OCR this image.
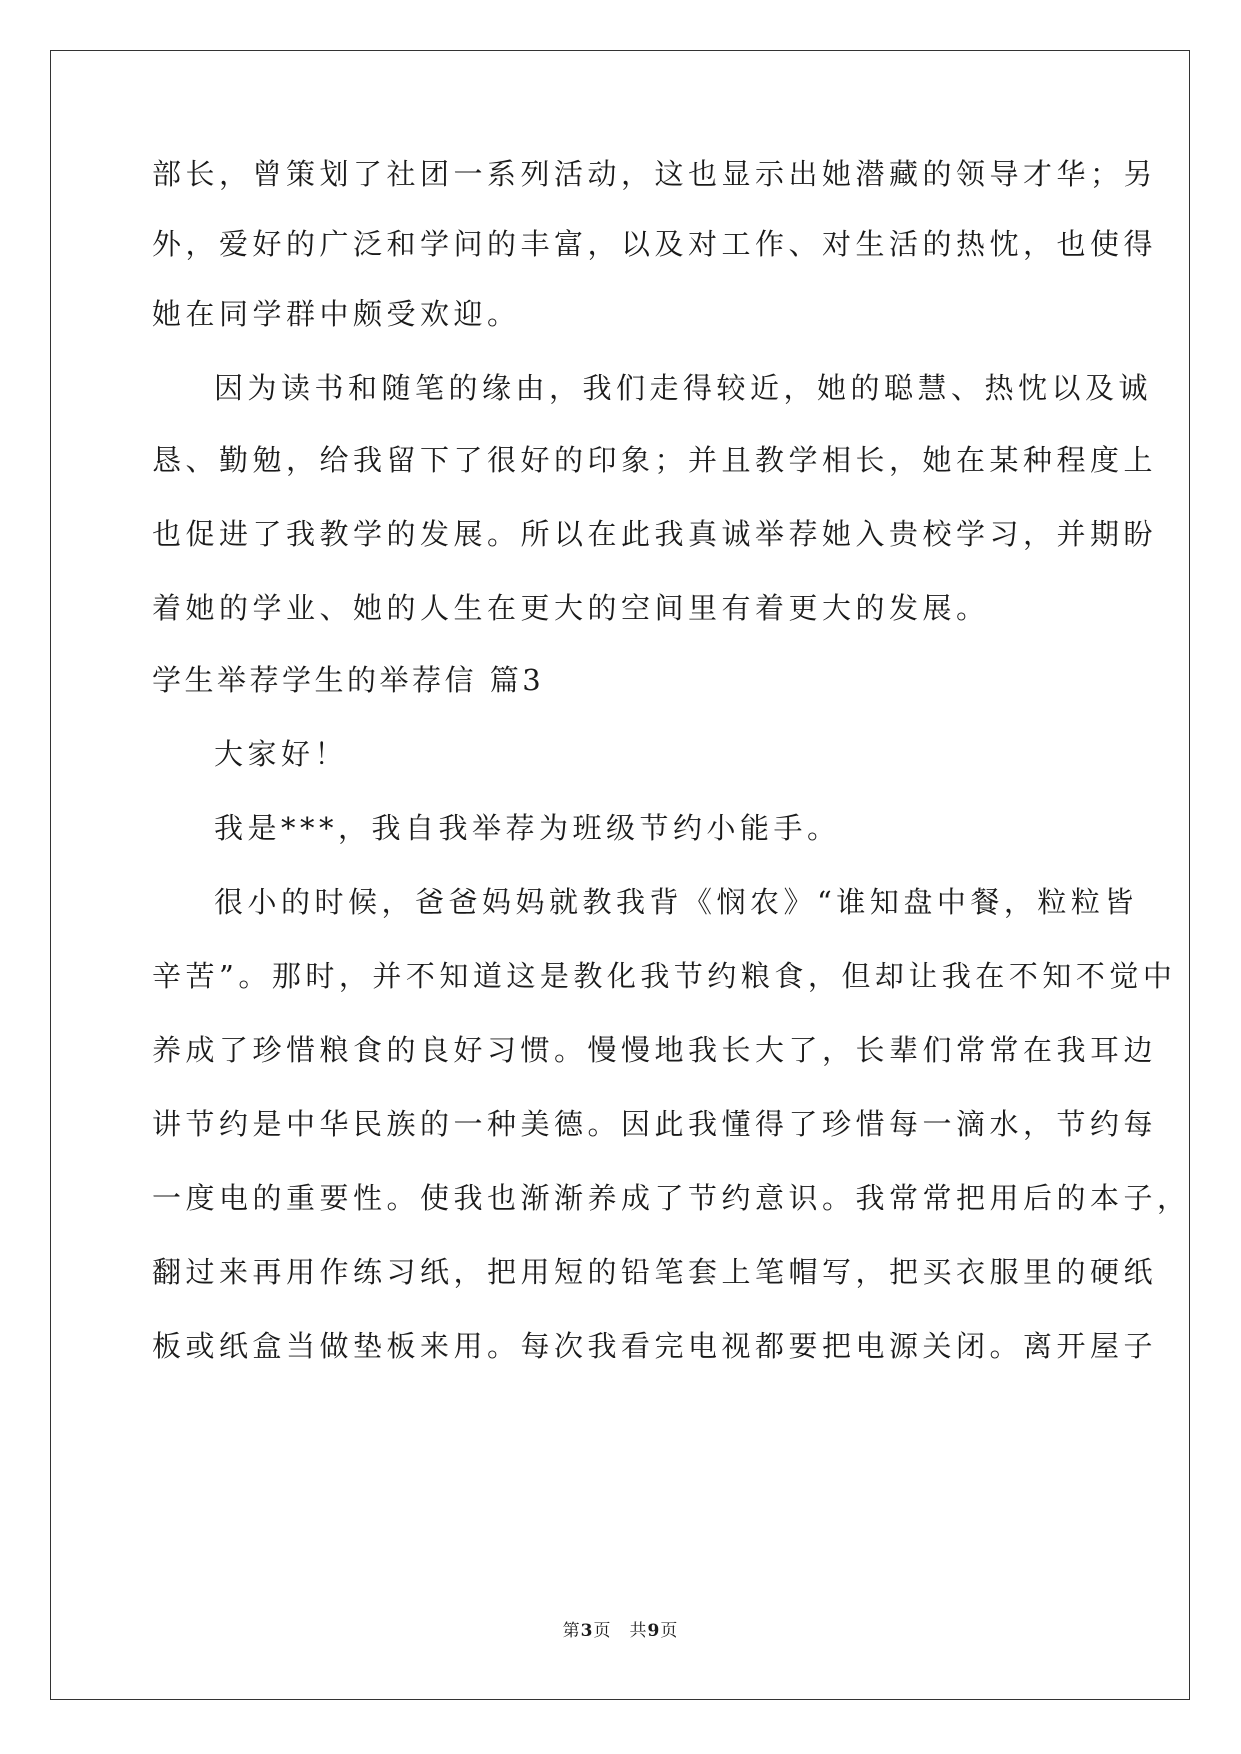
部长，曾策划了社团一系列活动，这也显示出她潜藏的领导才华；另
外，爱好的广泛和学问的丰富，以及对工作、对生活的热忱，也使得
她在同学群中颇受欢迎。
因为读书和随笔的缘由，我们走得较近，她的聪慧、热忱以及诚
恳、勤勉，给我留下了很好的印象；并且教学相长，她在某种程度上
也促进了我教学的发展。所以在此我真诚举荐她入贵校学习，并期盼
着她的学业、她的人生在更大的空间里有着更大的发展。
学生举荐学生的举荐信 篇3
大家好！
我是***，我自我举荐为班级节约小能手。
很小的时候，爸爸妈妈就教我背《悯农》“谁知盘中餐，粒粒皆
辛苦”。那时，并不知道这是教化我节约粮食，但却让我在不知不觉中
养成了珍惜粮食的良好习惯。慢慢地我长大了，长辈们常常在我耳边
讲节约是中华民族的一种美德。因此我懂得了珍惜每一滴水，节约每
一度电的重要性。使我也渐渐养成了节约意识。我常常把用后的本子，
翻过来再用作练习纸，把用短的铅笔套上笔帽写，把买衣服里的硬纸
板或纸盒当做垫板来用。每次我看完电视都要把电源关闭。离开屋子
第3页　共9页
